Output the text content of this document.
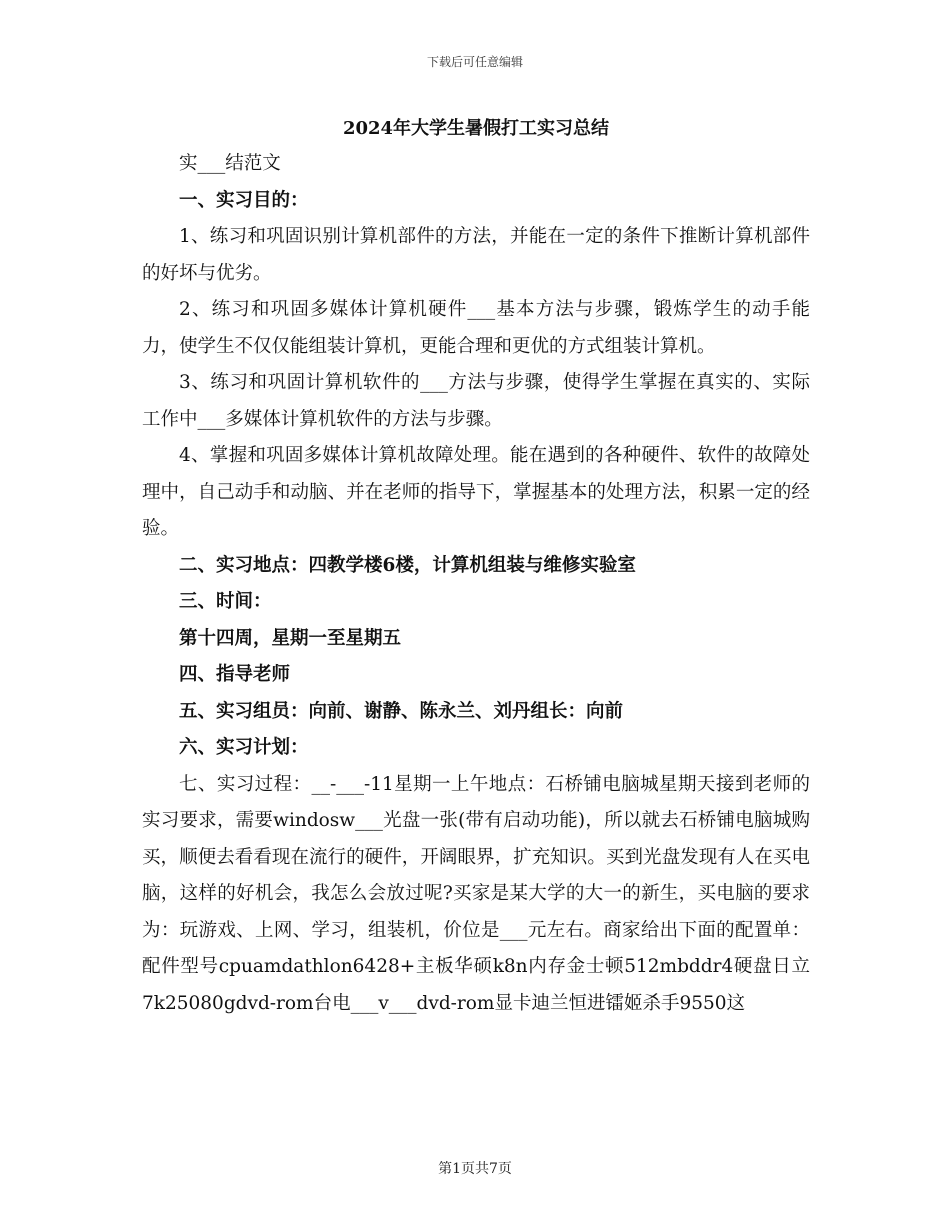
下载后可任意编辑
2024年大学生暑假打工实习总结

实___结范文

一、实习目的：

1、练习和巩固识别计算机部件的方法，并能在一定的条件下推断计算机部件的好坏与优劣。

2、练习和巩固多媒体计算机硬件___基本方法与步骤，锻炼学生的动手能力，使学生不仅仅能组装计算机，更能合理和更优的方式组装计算机。

3、练习和巩固计算机软件的___方法与步骤，使得学生掌握在真实的、实际工作中___多媒体计算机软件的方法与步骤。

4、掌握和巩固多媒体计算机故障处理。能在遇到的各种硬件、软件的故障处理中，自己动手和动脑、并在老师的指导下，掌握基本的处理方法，积累一定的经验。

二、实习地点：四教学楼6楼，计算机组装与维修实验室

三、时间：

第十四周，星期一至星期五

四、指导老师

五、实习组员：向前、谢静、陈永兰、刘丹组长：向前

六、实习计划：

七、实习过程：__-___-11星期一上午地点：石桥铺电脑城星期天接到老师的实习要求，需要windosw___光盘一张(带有启动功能)，所以就去石桥铺电脑城购买，顺便去看看现在流行的硬件，开阔眼界，扩充知识。买到光盘发现有人在买电脑，这样的好机会，我怎么会放过呢?买家是某大学的大一的新生，买电脑的要求为：玩游戏、上网、学习，组装机，价位是___元左右。商家给出下面的配置单：配件型号cpuamdathlon6428+主板华硕k8n内存金士顿512mbddr4硬盘日立7k25080gdvd-rom台电___v___dvd-rom显卡迪兰恒进镭姬杀手9550这

第1页共7页
